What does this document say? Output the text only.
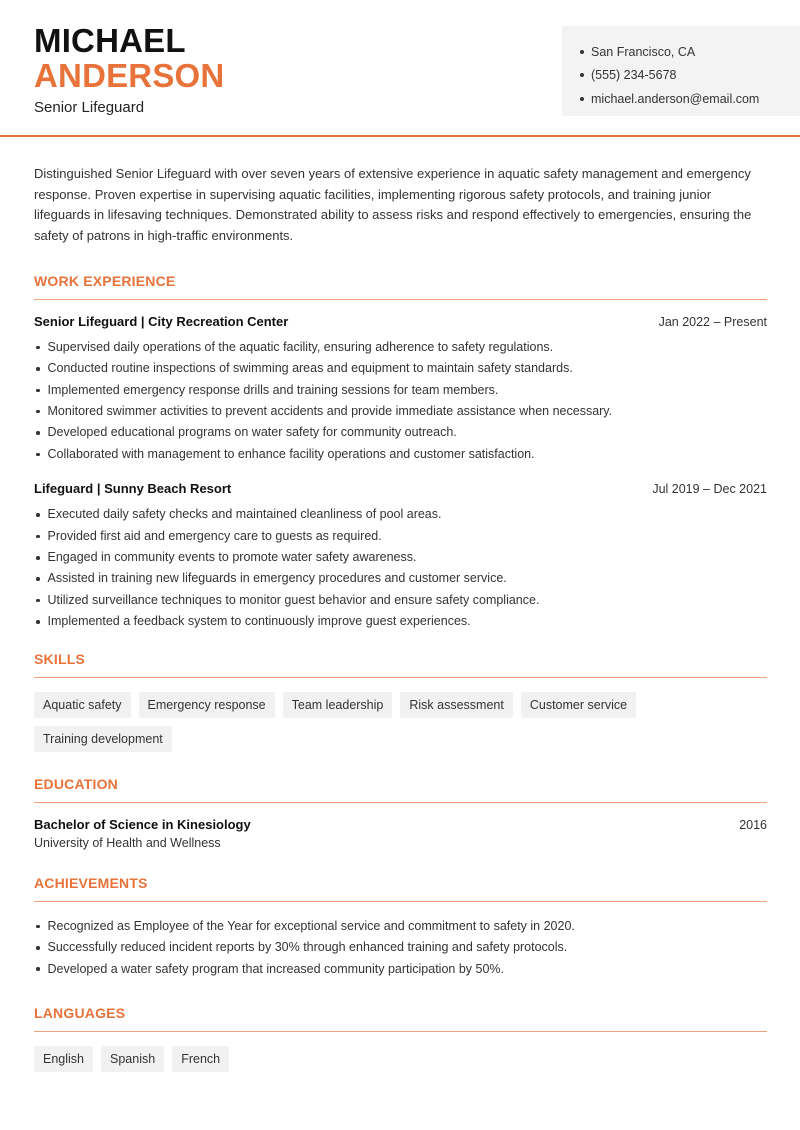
MICHAEL
ANDERSON
Senior Lifeguard
San Francisco, CA
(555) 234-5678
michael.anderson@email.com

Distinguished Senior Lifeguard with over seven years of extensive experience in aquatic safety management and emergency response. Proven expertise in supervising aquatic facilities, implementing rigorous safety protocols, and training junior lifeguards in lifesaving techniques. Demonstrated ability to assess risks and respond effectively to emergencies, ensuring the safety of patrons in high-traffic environments.

WORK EXPERIENCE
Senior Lifeguard | City Recreation Center	Jan 2022 – Present
Supervised daily operations of the aquatic facility, ensuring adherence to safety regulations.
Conducted routine inspections of swimming areas and equipment to maintain safety standards.
Implemented emergency response drills and training sessions for team members.
Monitored swimmer activities to prevent accidents and provide immediate assistance when necessary.
Developed educational programs on water safety for community outreach.
Collaborated with management to enhance facility operations and customer satisfaction.
Lifeguard | Sunny Beach Resort	Jul 2019 – Dec 2021
Executed daily safety checks and maintained cleanliness of pool areas.
Provided first aid and emergency care to guests as required.
Engaged in community events to promote water safety awareness.
Assisted in training new lifeguards in emergency procedures and customer service.
Utilized surveillance techniques to monitor guest behavior and ensure safety compliance.
Implemented a feedback system to continuously improve guest experiences.
SKILLS
Aquatic safety	Emergency response	Team leadership	Risk assessment	Customer service
Training development
EDUCATION
Bachelor of Science in Kinesiology	2016
University of Health and Wellness
ACHIEVEMENTS
Recognized as Employee of the Year for exceptional service and commitment to safety in 2020.
Successfully reduced incident reports by 30% through enhanced training and safety protocols.
Developed a water safety program that increased community participation by 50%.
LANGUAGES
English	Spanish	French
